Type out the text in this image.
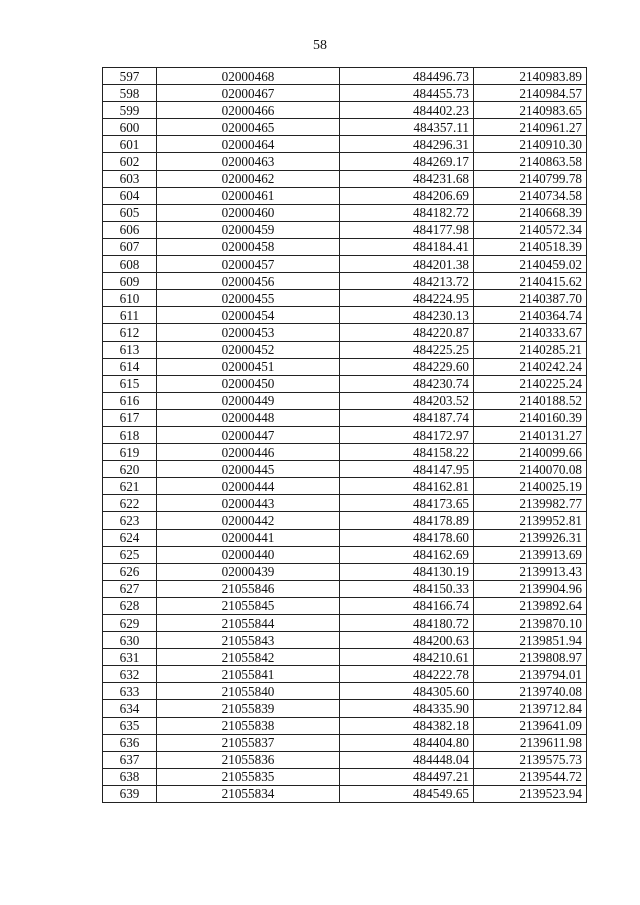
58
597	02000468	484496.73	2140983.89
598	02000467	484455.73	2140984.57
599	02000466	484402.23	2140983.65
600	02000465	484357.11	2140961.27
601	02000464	484296.31	2140910.30
602	02000463	484269.17	2140863.58
603	02000462	484231.68	2140799.78
604	02000461	484206.69	2140734.58
605	02000460	484182.72	2140668.39
606	02000459	484177.98	2140572.34
607	02000458	484184.41	2140518.39
608	02000457	484201.38	2140459.02
609	02000456	484213.72	2140415.62
610	02000455	484224.95	2140387.70
611	02000454	484230.13	2140364.74
612	02000453	484220.87	2140333.67
613	02000452	484225.25	2140285.21
614	02000451	484229.60	2140242.24
615	02000450	484230.74	2140225.24
616	02000449	484203.52	2140188.52
617	02000448	484187.74	2140160.39
618	02000447	484172.97	2140131.27
619	02000446	484158.22	2140099.66
620	02000445	484147.95	2140070.08
621	02000444	484162.81	2140025.19
622	02000443	484173.65	2139982.77
623	02000442	484178.89	2139952.81
624	02000441	484178.60	2139926.31
625	02000440	484162.69	2139913.69
626	02000439	484130.19	2139913.43
627	21055846	484150.33	2139904.96
628	21055845	484166.74	2139892.64
629	21055844	484180.72	2139870.10
630	21055843	484200.63	2139851.94
631	21055842	484210.61	2139808.97
632	21055841	484222.78	2139794.01
633	21055840	484305.60	2139740.08
634	21055839	484335.90	2139712.84
635	21055838	484382.18	2139641.09
636	21055837	484404.80	2139611.98
637	21055836	484448.04	2139575.73
638	21055835	484497.21	2139544.72
639	21055834	484549.65	2139523.94
